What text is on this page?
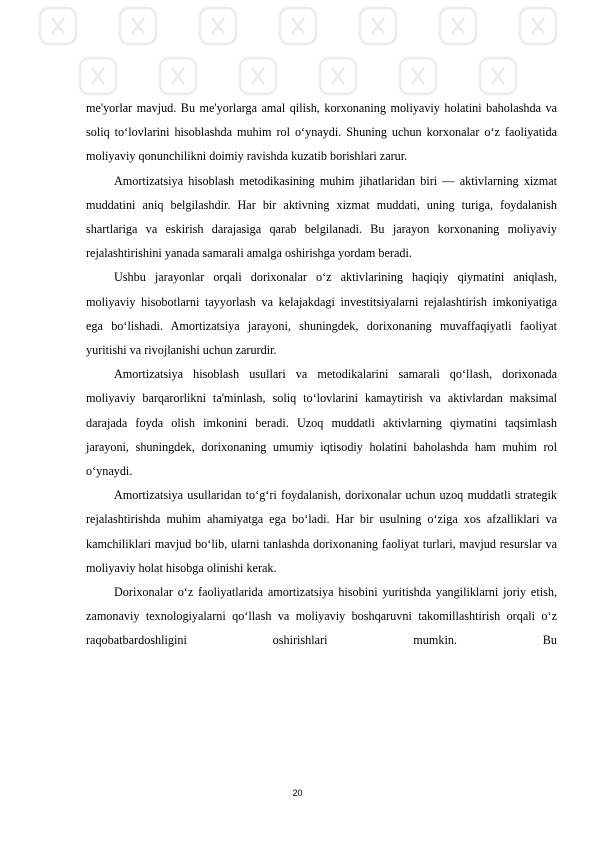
me'yorlar mavjud. Bu me'yorlarga amal qilish, korxonaning moliyaviy holatini baholashda va soliq to‘lovlarini hisoblashda muhim rol o‘ynaydi. Shuning uchun korxonalar o‘z faoliyatida moliyaviy qonunchilikni doimiy ravishda kuzatib borishlari zarur.

Amortizatsiya hisoblash metodikasining muhim jihatlaridan biri — aktivlarning xizmat muddatini aniq belgilashdir. Har bir aktivning xizmat muddati, uning turiga, foydalanish shartlariga va eskirish darajasiga qarab belgilanadi. Bu jarayon korxonaning moliyaviy rejalashtirishini yanada samarali amalga oshirishga yordam beradi.

Ushbu jarayonlar orqali dorixonalar o‘z aktivlarining haqiqiy qiymatini aniqlash, moliyaviy hisobotlarni tayyorlash va kelajakdagi investitsiyalarni rejalashtirish imkoniyatiga ega bo‘lishadi. Amortizatsiya jarayoni, shuningdek, dorixonaning muvaffaqiyatli faoliyat yuritishi va rivojlanishi uchun zarurdir.

Amortizatsiya hisoblash usullari va metodikalarini samarali qo‘llash, dorixonada moliyaviy barqarorlikni ta'minlash, soliq to‘lovlarini kamaytirish va aktivlardan maksimal darajada foyda olish imkonini beradi. Uzoq muddatli aktivlarning qiymatini taqsimlash jarayoni, shuningdek, dorixonaning umumiy iqtisodiy holatini baholashda ham muhim rol o‘ynaydi.

Amortizatsiya usullaridan to‘g‘ri foydalanish, dorixonalar uchun uzoq muddatli strategik rejalashtirishda muhim ahamiyatga ega bo‘ladi. Har bir usulning o‘ziga xos afzalliklari va kamchiliklari mavjud bo‘lib, ularni tanlashda dorixonaning faoliyat turlari, mavjud resurslar va moliyaviy holat hisobga olinishi kerak.

Dorixonalar o‘z faoliyatlarida amortizatsiya hisobini yuritishda yangiliklarni joriy etish, zamonaviy texnologiyalarni qo‘llash va moliyaviy boshqaruvni takomillashtirish orqali o‘z raqobatbardoshligini oshirishlari mumkin. Bu

20
